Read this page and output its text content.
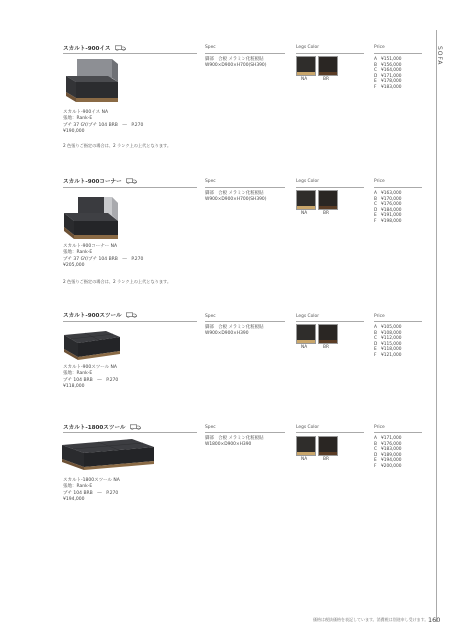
SOFA
スカルト-900イス	Spec	Legs Color	Price
脚部　合板 メラミン化粧板貼
W900×D900×H700(SH390)
NA	BR
A ¥151,000
B ¥156,000
C ¥164,000
D ¥171,000
E ¥178,000
F	¥183,000
スカルト-900イス NA
張地：Rank-E
プチ 37 GY/プチ 104 BRB　―　P.270
¥190,000
2 色張りご指定の場合は、2 ランク上の上代となります。
スカルト-900コーナー	Spec	Legs Color	Price
脚部　合板 メラミン化粧板貼
W900×D900×H700(SH390)
NA	BR
A ¥163,000
B ¥170,000
C ¥176,000
D ¥184,000
E ¥191,000
F	¥198,000
スカルト-900コーナー NA
張地：Rank-E
プチ 37 GY/プチ 104 BRB　―　P.270
¥205,000
2 色張りご指定の場合は、2 ランク上の上代となります。
スカルト-900スツール	Spec	Legs Color	Price
脚部　合板 メラミン化粧板貼
W900×D900×H390
NA	BR
A ¥105,000
B ¥108,000
C ¥112,000
D ¥115,000
E ¥118,000
F	¥121,000
スカルト-900スツール NA
張地：Rank-E
プチ 104 BRB　―　P.270
¥118,000
スカルト-1800スツール	Spec	Legs Color	Price
脚部　合板 メラミン化粧板貼
W1800×D900×H390
NA	BR
A ¥171,000
B ¥176,000
C ¥183,000
D ¥189,000
E ¥194,000
F	¥200,000
スカルト-1800スツール NA
張地：Rank-E
プチ 104 BRB　―　P.270
¥194,000
価格は税抜価格を表記しています。消費税は別途申し受けます。 160
